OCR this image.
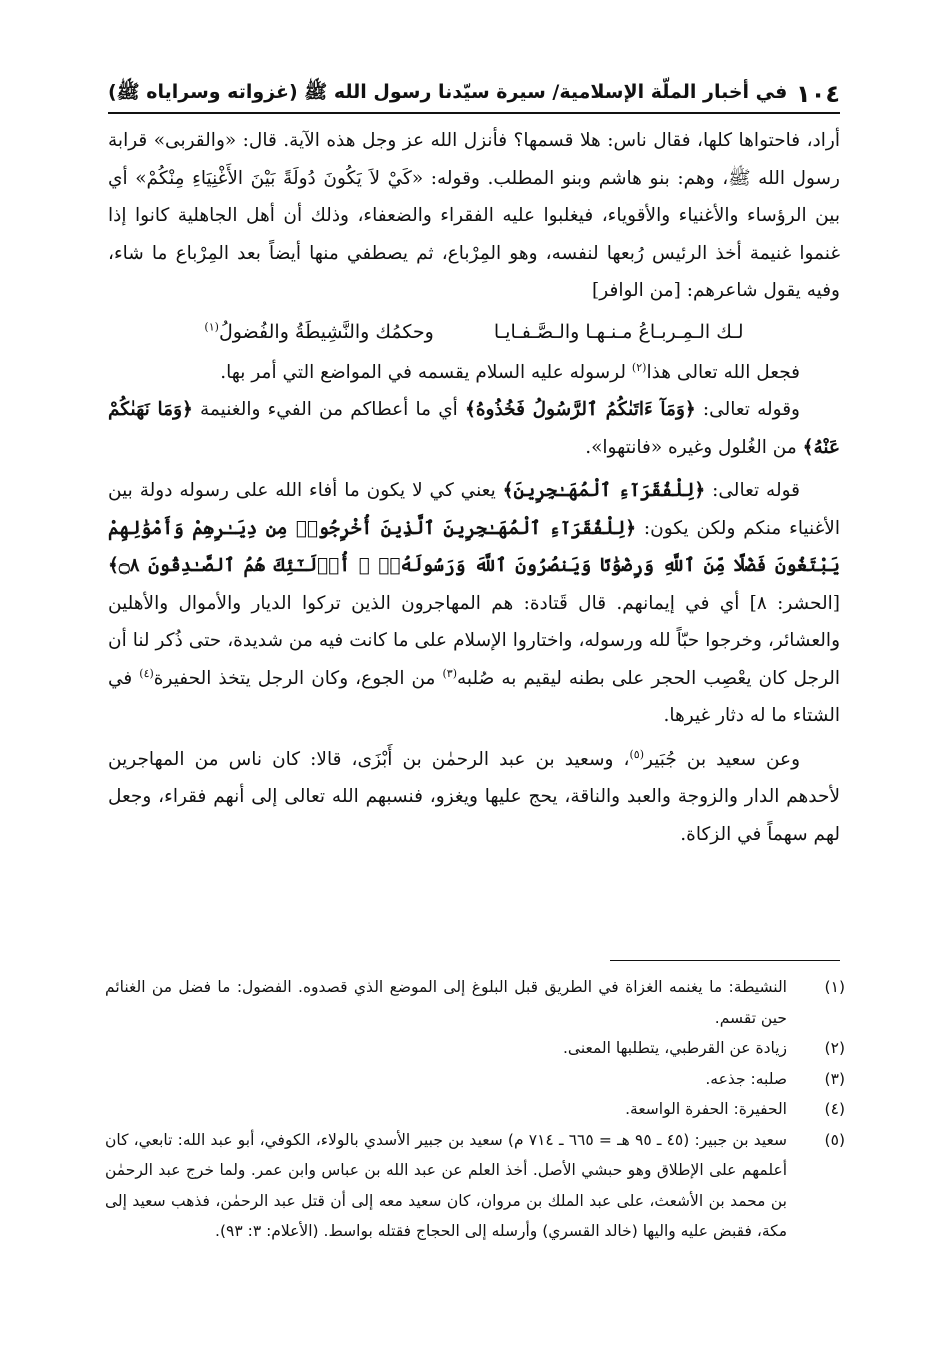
١٠٤
في أخبار الملّة الإسلامية/ سيرة سيّدنا رسول الله ﷺ (غزواته وسراياه ﷺ)

أراد، فاحتواها كلها، فقال ناس: هلا قسمها؟ فأنزل الله عز وجل هذه الآية. قال: «والقربى» قرابة رسول الله ﷺ، وهم: بنو هاشم وبنو المطلب. وقوله: «كَيْ لاَ يَكُونَ دُولَةً بَيْنَ الأَغْنِيَاءِ مِنْكُمْ» أي بين الرؤساء والأغنياء والأقوياء، فيغلبوا عليه الفقراء والضعفاء، وذلك أن أهل الجاهلية كانوا إذا غنموا غنيمة أخذ الرئيس رُبعها لنفسه، وهو المِرْباع، ثم يصطفي منها أيضاً بعد المِرْباع ما شاء، وفيه يقول شاعرهم: [من الوافر]

لـك الـمِـربـاعُ مـنـهـا والـصَّـفـايـا
وحكمُك والنَّشِيطَةُ والفُضولُ$^{(١)}$

فجعل الله تعالى هذا$^{(٢)}$ لرسوله عليه السلام يقسمه في المواضع التي أمر بها.

وقوله تعالى: ﴿وَمَآ ءَاتَىٰكُمُ ٱلرَّسُولُ فَخُذُوهُ﴾ أي ما أعطاكم من الفيء والغنيمة ﴿وَمَا نَهَىٰكُمْ عَنْهُ﴾ من الغُلول وغيره «فانتهوا».

قوله تعالى: ﴿لِلْفُقَرَآءِ ٱلْمُهَـٰجِرِينَ﴾ يعني كي لا يكون ما أفاء الله على رسوله دولة بين الأغنياء منكم ولكن يكون: ﴿لِلْفُقَرَآءِ ٱلْمُهَـٰجِرِينَ ٱلَّذِينَ أُخْرِجُوا۟ مِن دِيَـٰرِهِمْ وَأَمْوَٰلِهِمْ يَبْتَغُونَ فَضْلًا مِّنَ ٱللَّهِ وَرِضْوَٰنًا وَيَنصُرُونَ ٱللَّهَ وَرَسُولَهُۥٓ ۚ أُو۟لَـٰٓئِكَ هُمُ ٱلصَّـٰدِقُونَ ۝٨﴾ [الحشر: ٨] أي في إيمانهم. قال قَتادة: هم المهاجرون الذين تركوا الديار والأموال والأهلين والعشائر، وخرجوا حبّاً لله ورسوله، واختاروا الإسلام على ما كانت فيه من شديدة، حتى ذُكر لنا أن الرجل كان يعْصِب الحجر على بطنه ليقيم به صُلبه$^{(٣)}$ من الجوع، وكان الرجل يتخذ الحفيرة$^{(٤)}$ في الشتاء ما له دثار غيرها.

وعن سعيد بن جُبَير$^{(٥)}$، وسعيد بن عبد الرحمٰن بن أَبْزَى، قالا: كان ناس من المهاجرين لأحدهم الدار والزوجة والعبد والناقة، يحج عليها ويغزو، فنسبهم الله تعالى إلى أنهم فقراء، وجعل لهم سهماً في الزكاة.

(١)
النشيطة: ما يغنمه الغزاة في الطريق قبل البلوغ إلى الموضع الذي قصدوه. الفضول: ما فضل من الغنائم حين تقسم.
(٢)
زيادة عن القرطبي، يتطلبها المعنى.
(٣)
صلبه: جذعه.
(٤)
الحفيرة: الحفرة الواسعة.
(٥)
سعيد بن جبير: (٤٥ ـ ٩٥ هـ = ٦٦٥ ـ ٧١٤ م) سعيد بن جبير الأسدي بالولاء، الكوفي، أبو عبد الله: تابعي، كان أعلمهم على الإطلاق وهو حبشي الأصل. أخذ العلم عن عبد الله بن عباس وابن عمر. ولما خرج عبد الرحمٰن بن محمد بن الأشعث، على عبد الملك بن مروان، كان سعيد معه إلى أن قتل عبد الرحمٰن، فذهب سعيد إلى مكة، فقبض عليه واليها (خالد القسري) وأرسله إلى الحجاج فقتله بواسط. (الأعلام: ٣: ٩٣).
